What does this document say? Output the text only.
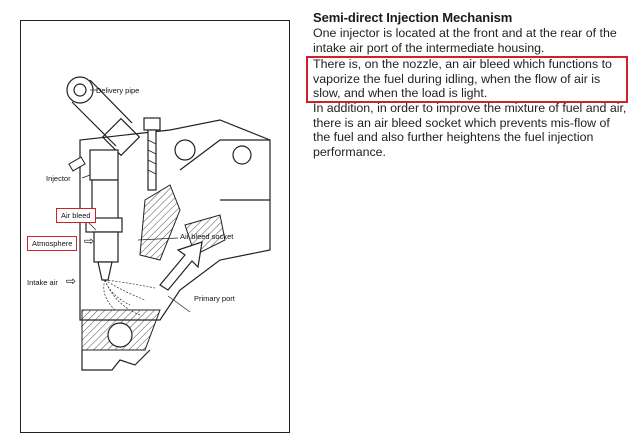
Delivery pipe
Injector
Air bleed
Atmosphere ⇨
Intake air ⇨
Air bleed socket
Primary port
Semi-direct Injection Mechanism

One injector is located at the front and at the rear of the intake air port of the intermediate housing.

There is, on the nozzle, an air bleed which functions to vaporize the fuel during idling, when the flow of air is slow, and when the load is light.

In addition, in order to improve the mixture of fuel and air, there is an air bleed socket which prevents mis-flow of the fuel and also further heightens the fuel injection performance.
